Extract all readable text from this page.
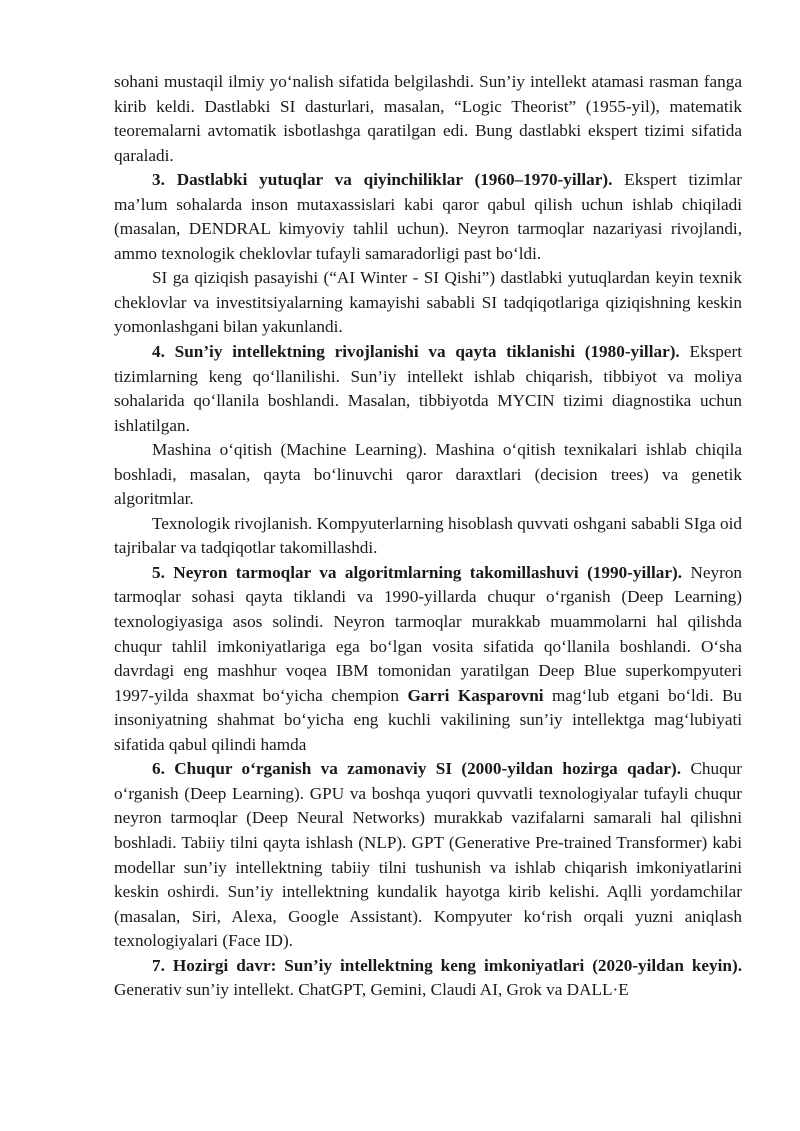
sohani mustaqil ilmiy yo‘nalish sifatida belgilashdi. Sun’iy intellekt atamasi rasman fanga kirib keldi. Dastlabki SI dasturlari, masalan, “Logic Theorist” (1955-yil), matematik teoremalarni avtomatik isbotlashga qaratilgan edi. Bung dastlabki ekspert tizimi sifatida qaraladi.

3. Dastlabki yutuqlar va qiyinchiliklar (1960–1970-yillar). Ekspert tizimlar ma’lum sohalarda inson mutaxassislari kabi qaror qabul qilish uchun ishlab chiqiladi (masalan, DENDRAL kimyoviy tahlil uchun). Neyron tarmoqlar nazariyasi rivojlandi, ammo texnologik cheklovlar tufayli samaradorligi past bo‘ldi.

SI ga qiziqish pasayishi (“AI Winter - SI Qishi”) dastlabki yutuqlardan keyin texnik cheklovlar va investitsiyalarning kamayishi sababli SI tadqiqotlariga qiziqishning keskin yomonlashgani bilan yakunlandi.

4. Sun’iy intellektning rivojlanishi va qayta tiklanishi (1980-yillar). Ekspert tizimlarning keng qo‘llanilishi. Sun’iy intellekt ishlab chiqarish, tibbiyot va moliya sohalarida qo‘llanila boshlandi. Masalan, tibbiyotda MYCIN tizimi diagnostika uchun ishlatilgan.

Mashina o‘qitish (Machine Learning). Mashina o‘qitish texnikalari ishlab chiqila boshladi, masalan, qayta bo‘linuvchi qaror daraxtlari (decision trees) va genetik algoritmlar.

Texnologik rivojlanish. Kompyuterlarning hisoblash quvvati oshgani sababli SIga oid tajribalar va tadqiqotlar takomillashdi.

5. Neyron tarmoqlar va algoritmlarning takomillashuvi (1990-yillar). Neyron tarmoqlar sohasi qayta tiklandi va 1990-yillarda chuqur o‘rganish (Deep Learning) texnologiyasiga asos solindi. Neyron tarmoqlar murakkab muammolarni hal qilishda chuqur tahlil imkoniyatlariga ega bo‘lgan vosita sifatida qo‘llanila boshlandi. O‘sha davrdagi eng mashhur voqea IBM tomonidan yaratilgan Deep Blue superkompyuteri 1997-yilda shaxmat bo‘yicha chempion Garri Kasparovni mag‘lub etgani bo‘ldi. Bu insoniyatning shahmat bo‘yicha eng kuchli vakilining sun’iy intellektga mag‘lubiyati sifatida qabul qilindi hamda

6. Chuqur o‘rganish va zamonaviy SI (2000-yildan hozirga qadar). Chuqur o‘rganish (Deep Learning). GPU va boshqa yuqori quvvatli texnologiyalar tufayli chuqur neyron tarmoqlar (Deep Neural Networks) murakkab vazifalarni samarali hal qilishni boshladi. Tabiiy tilni qayta ishlash (NLP). GPT (Generative Pre-trained Transformer) kabi modellar sun’iy intellektning tabiiy tilni tushunish va ishlab chiqarish imkoniyatlarini keskin oshirdi. Sun’iy intellektning kundalik hayotga kirib kelishi. Aqlli yordamchilar (masalan, Siri, Alexa, Google Assistant). Kompyuter ko‘rish orqali yuzni aniqlash texnologiyalari (Face ID).

7. Hozirgi davr: Sun’iy intellektning keng imkoniyatlari (2020-yildan keyin). Generativ sun’iy intellekt. ChatGPT, Gemini, Claudi AI, Grok va DALL·E
